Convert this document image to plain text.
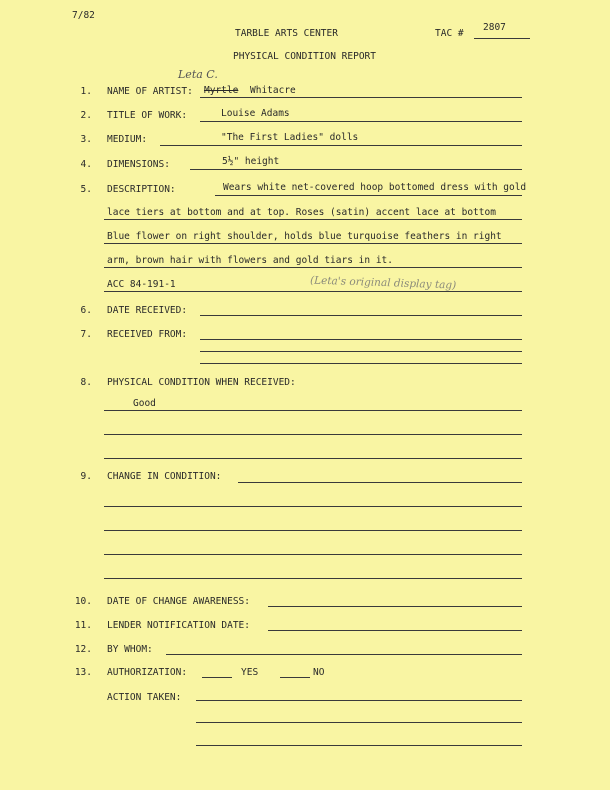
7/82
TARBLE ARTS CENTER	TAC #
2807
PHYSICAL CONDITION REPORT
1. NAME OF ARTIST:
Leta C.
Myrtle Whitacre
2. TITLE OF WORK:	Louise Adams
3. MEDIUM:	"The First Ladies" dolls
4. DIMENSIONS:	5½" height
5. DESCRIPTION:	Wears white net-covered hoop bottomed dress with gold
lace tiers at bottom and at top. Roses (satin) accent lace at bottom
Blue flower on right shoulder, holds blue turquoise feathers in right
arm, brown hair with flowers and gold tiars in it.
ACC 84-191-1	(Leta's original display tag)
6. DATE RECEIVED:
7. RECEIVED FROM:
8. PHYSICAL CONDITION WHEN RECEIVED:
Good
9. CHANGE IN CONDITION:
10. DATE OF CHANGE AWARENESS:
11. LENDER NOTIFICATION DATE:
12. BY WHOM:
13. AUTHORIZATION:	YES	NO
ACTION TAKEN:
